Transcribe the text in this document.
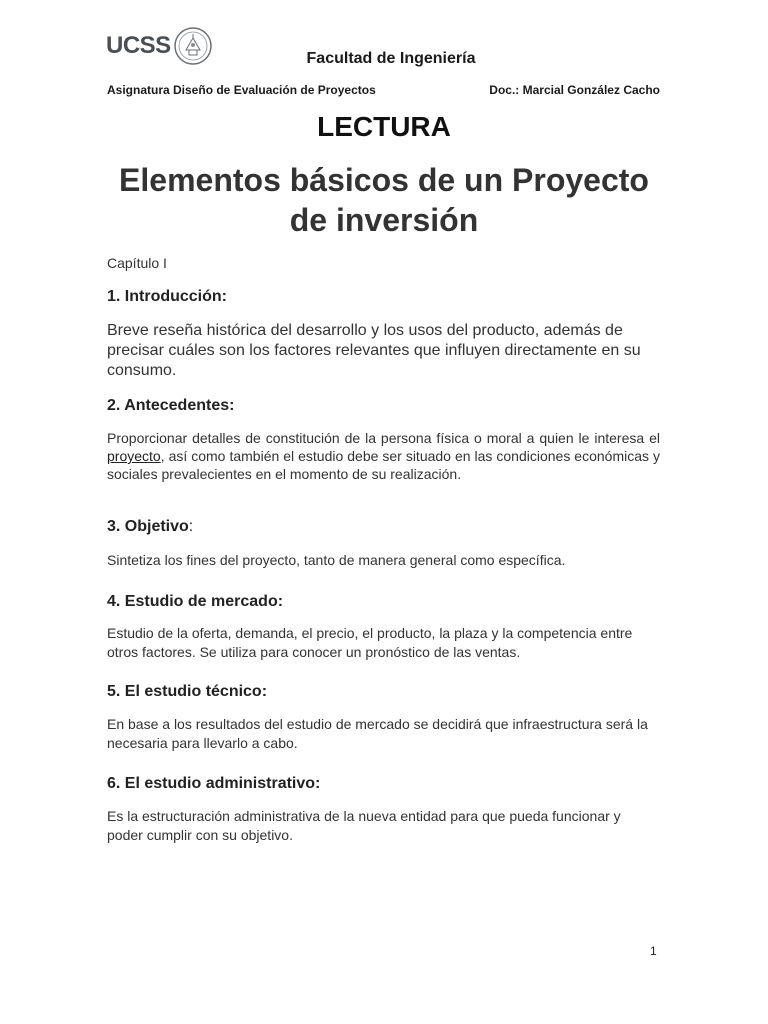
UCSS	Facultad de Ingeniería
Asignatura Diseño de Evaluación de Proyectos	Doc.: Marcial González Cacho
LECTURA
Elementos básicos de un Proyecto de inversión
Capítulo I
1. Introducción:

Breve reseña histórica del desarrollo y los usos del producto, además de precisar cuáles son los factores relevantes que influyen directamente en su consumo.

2. Antecedentes:

Proporcionar detalles de constitución de la persona física o moral a quien le interesa el proyecto, así como también el estudio debe ser situado en las condiciones económicas y sociales prevalecientes en el momento de su realización.

3. Objetivo:

Sintetiza los fines del proyecto, tanto de manera general como específica.

4. Estudio de mercado:

Estudio de la oferta, demanda, el precio, el producto, la plaza y la competencia entre otros factores. Se utiliza para conocer un pronóstico de las ventas.

5. El estudio técnico:

En base a los resultados del estudio de mercado se decidirá que infraestructura será la necesaria para llevarlo a cabo.

6. El estudio administrativo:

Es la estructuración administrativa de la nueva entidad para que pueda funcionar y poder cumplir con su objetivo.

1
